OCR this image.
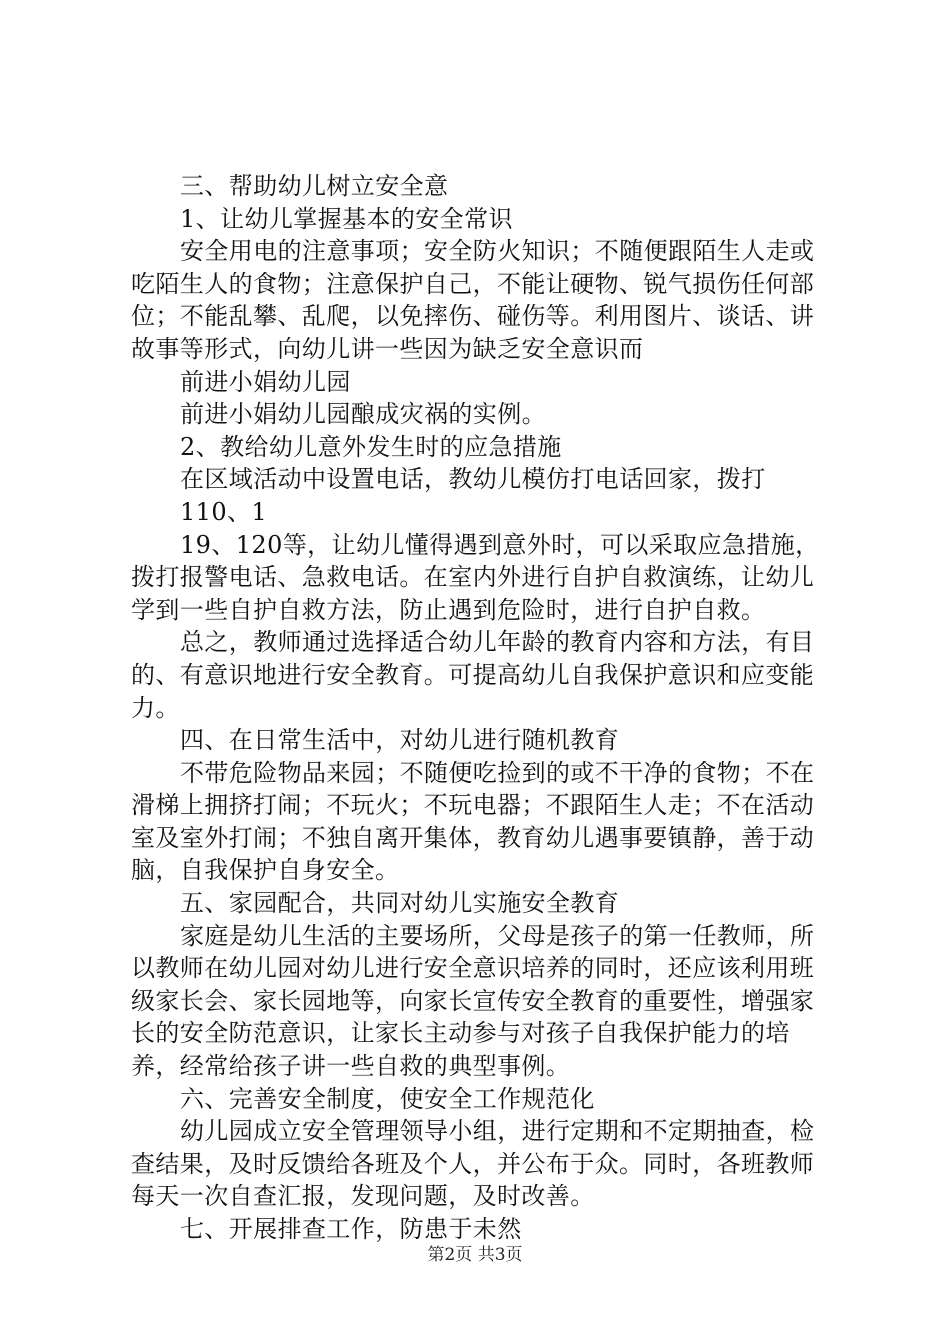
三、帮助幼儿树立安全意

1、让幼儿掌握基本的安全常识

安全用电的注意事项；安全防火知识；不随便跟陌生人走或吃陌生人的食物；注意保护自己，不能让硬物、锐气损伤任何部位；不能乱攀、乱爬，以免摔伤、碰伤等。利用图片、谈话、讲故事等形式，向幼儿讲一些因为缺乏安全意识而

前进小娟幼儿园

前进小娟幼儿园酿成灾祸的实例。

2、教给幼儿意外发生时的应急措施

在区域活动中设置电话，教幼儿模仿打电话回家，拨打

110、1

19、120等，让幼儿懂得遇到意外时，可以采取应急措施，拨打报警电话、急救电话。在室内外进行自护自救演练，让幼儿学到一些自护自救方法，防止遇到危险时，进行自护自救。

总之，教师通过选择适合幼儿年龄的教育内容和方法，有目的、有意识地进行安全教育。可提高幼儿自我保护意识和应变能力。

四、在日常生活中，对幼儿进行随机教育

不带危险物品来园；不随便吃捡到的或不干净的食物；不在滑梯上拥挤打闹；不玩火；不玩电器；不跟陌生人走；不在活动室及室外打闹；不独自离开集体，教育幼儿遇事要镇静，善于动脑，自我保护自身安全。

五、家园配合，共同对幼儿实施安全教育

家庭是幼儿生活的主要场所，父母是孩子的第一任教师，所以教师在幼儿园对幼儿进行安全意识培养的同时，还应该利用班级家长会、家长园地等，向家长宣传安全教育的重要性，增强家长的安全防范意识，让家长主动参与对孩子自我保护能力的培养，经常给孩子讲一些自救的典型事例。

六、完善安全制度，使安全工作规范化

幼儿园成立安全管理领导小组，进行定期和不定期抽查，检查结果，及时反馈给各班及个人，并公布于众。同时，各班教师每天一次自查汇报，发现问题，及时改善。

七、开展排查工作，防患于未然

第2页 共3页
